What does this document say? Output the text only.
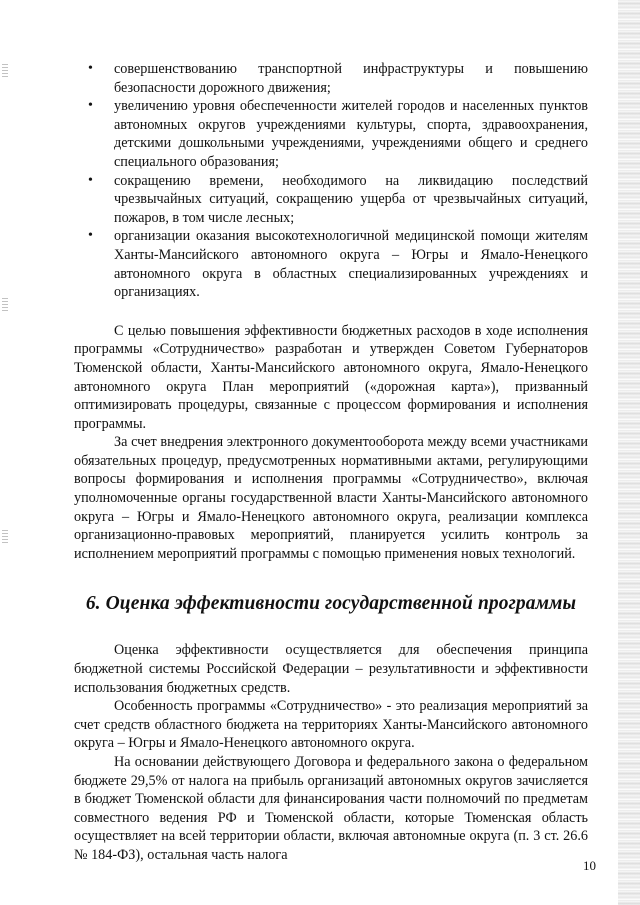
• совершенствованию транспортной инфраструктуры и повышению безопасности дорожного движения;
• увеличению уровня обеспеченности жителей городов и населенных пунктов автономных округов учреждениями культуры, спорта, здравоохранения, детскими дошкольными учреждениями, учреждениями общего и среднего специального образования;
• сокращению времени, необходимого на ликвидацию последствий чрезвычайных ситуаций, сокращению ущерба от чрезвычайных ситуаций, пожаров, в том числе лесных;
• организации оказания высокотехнологичной медицинской помощи жителям Ханты-Мансийского автономного округа – Югры и Ямало-Ненецкого автономного округа в областных специализированных учреждениях и организациях.

С целью повышения эффективности бюджетных расходов в ходе исполнения программы «Сотрудничество» разработан и утвержден Советом Губернаторов Тюменской области, Ханты-Мансийского автономного округа, Ямало-Ненецкого автономного округа План мероприятий («дорожная карта»), призванный оптимизировать процедуры, связанные с процессом формирования и исполнения программы.

За счет внедрения электронного документооборота между всеми участниками обязательных процедур, предусмотренных нормативными актами, регулирующими вопросы формирования и исполнения программы «Сотрудничество», включая уполномоченные органы государственной власти Ханты-Мансийского автономного округа – Югры и Ямало-Ненецкого автономного округа, реализации комплекса организационно-правовых мероприятий, планируется усилить контроль за исполнением мероприятий программы с помощью применения новых технологий.

6. Оценка эффективности государственной программы

Оценка эффективности осуществляется для обеспечения принципа бюджетной системы Российской Федерации – результативности и эффективности использования бюджетных средств.

Особенность программы «Сотрудничество» - это реализация мероприятий за счет средств областного бюджета на территориях Ханты-Мансийского автономного округа – Югры и Ямало-Ненецкого автономного округа.

На основании действующего Договора и федерального закона о федеральном бюджете 29,5% от налога на прибыль организаций автономных округов зачисляется в бюджет Тюменской области для финансирования части полномочий по предметам совместного ведения РФ и Тюменской области, которые Тюменская область осуществляет на всей территории области, включая автономные округа (п. 3 ст. 26.6 № 184-ФЗ), остальная часть налога

10
